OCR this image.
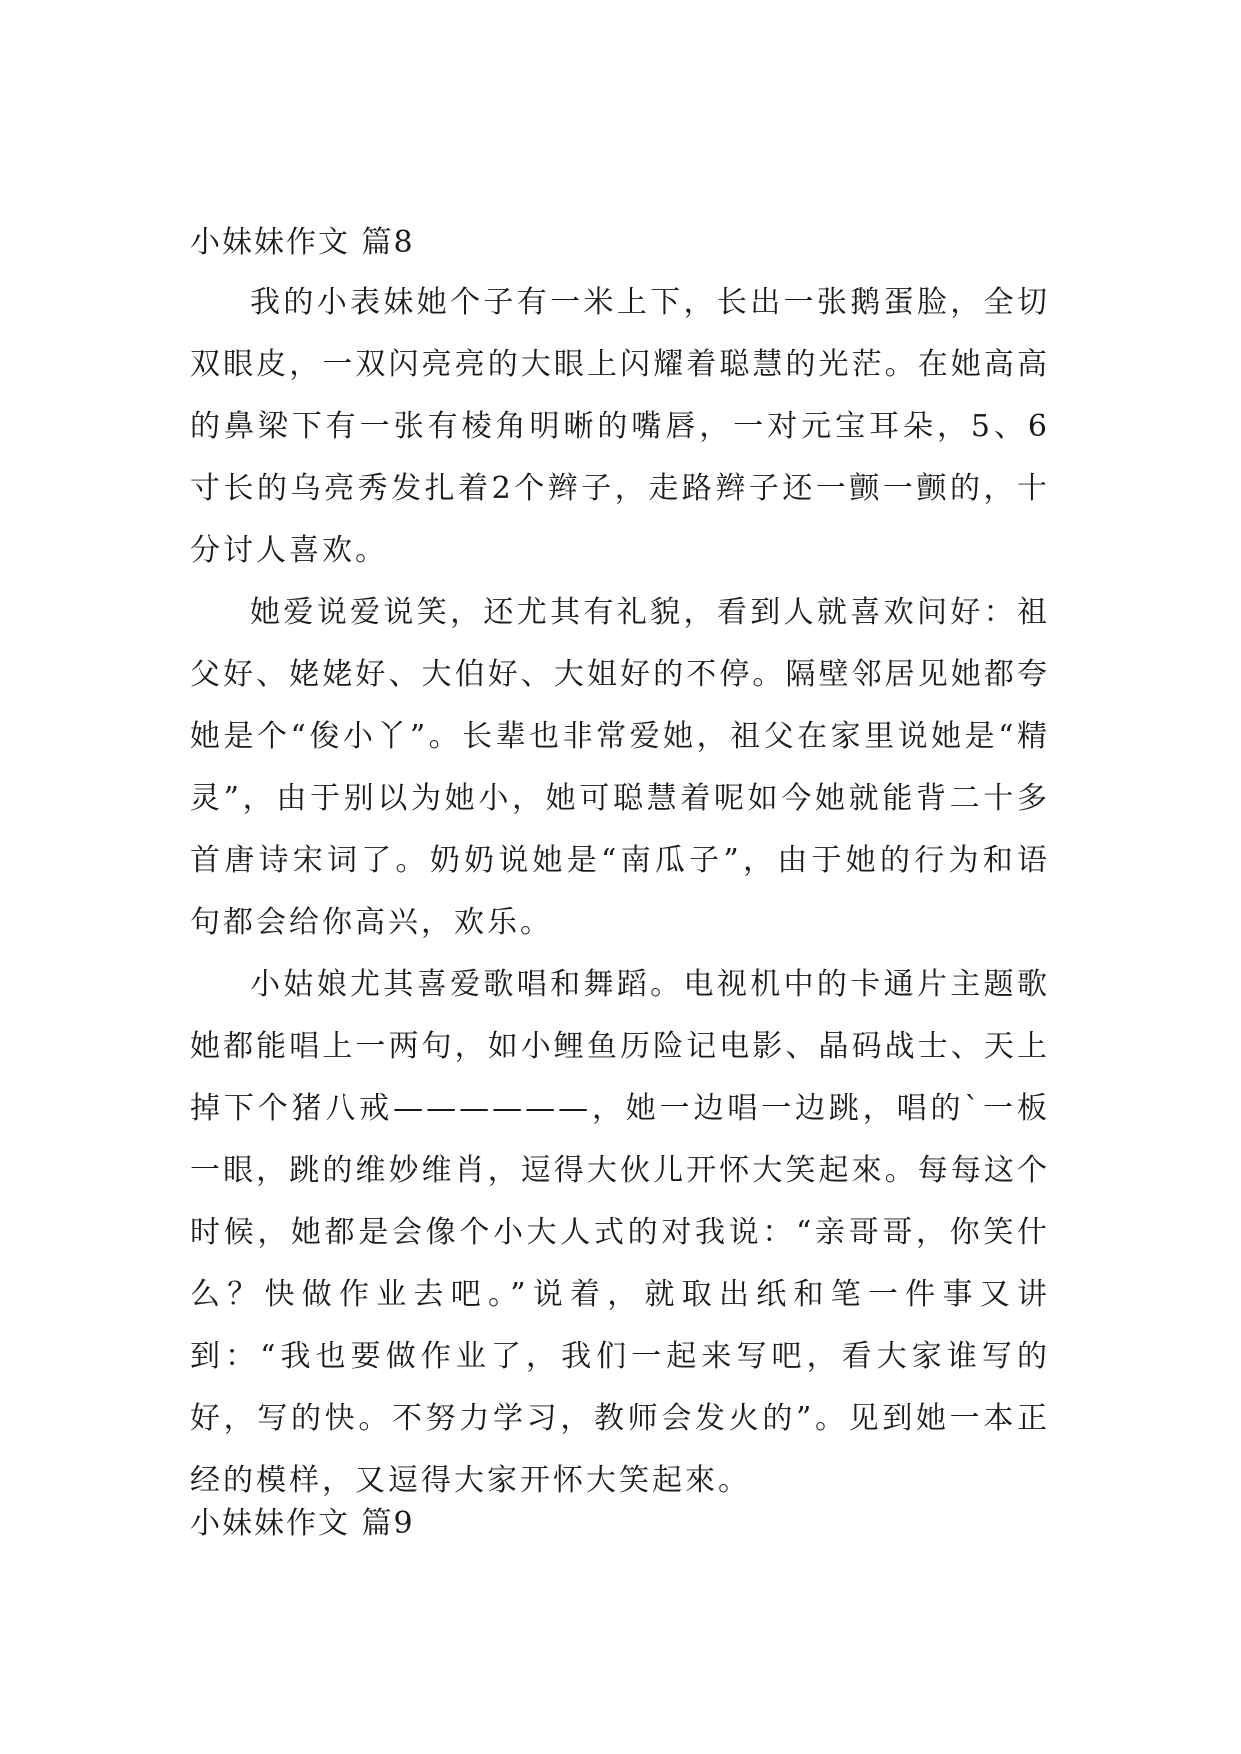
小妹妹作文 篇8

我的小表妹她个子有一米上下，长出一张鹅蛋脸，全切双眼皮，一双闪亮亮的大眼上闪耀着聪慧的光茫。在她高高的鼻梁下有一张有棱角明晰的嘴唇，一对元宝耳朵，5、6寸长的乌亮秀发扎着2个辫子，走路辫子还一颤一颤的，十分讨人喜欢。

她爱说爱说笑，还尤其有礼貌，看到人就喜欢问好：祖父好、姥姥好、大伯好、大姐好的不停。隔壁邻居见她都夸她是个“俊小丫”。长辈也非常爱她，祖父在家里说她是“精灵”，由于别以为她小，她可聪慧着呢如今她就能背二十多首唐诗宋词了。奶奶说她是“南瓜子”，由于她的行为和语句都会给你高兴，欢乐。

小姑娘尤其喜爱歌唱和舞蹈。电视机中的卡通片主题歌她都能唱上一两句，如小鲤鱼历险记电影、晶码战士、天上掉下个猪八戒——————，她一边唱一边跳，唱的`一板一眼，跳的维妙维肖，逗得大伙儿开怀大笑起來。每每这个时候，她都是会像个小大人式的对我说：“亲哥哥，你笑什么？快做作业去吧。”说着，就取出纸和笔一件事又讲到：“我也要做作业了，我们一起来写吧，看大家谁写的好，写的快。不努力学习，教师会发火的”。见到她一本正经的模样，又逗得大家开怀大笑起來。

小妹妹作文 篇9
